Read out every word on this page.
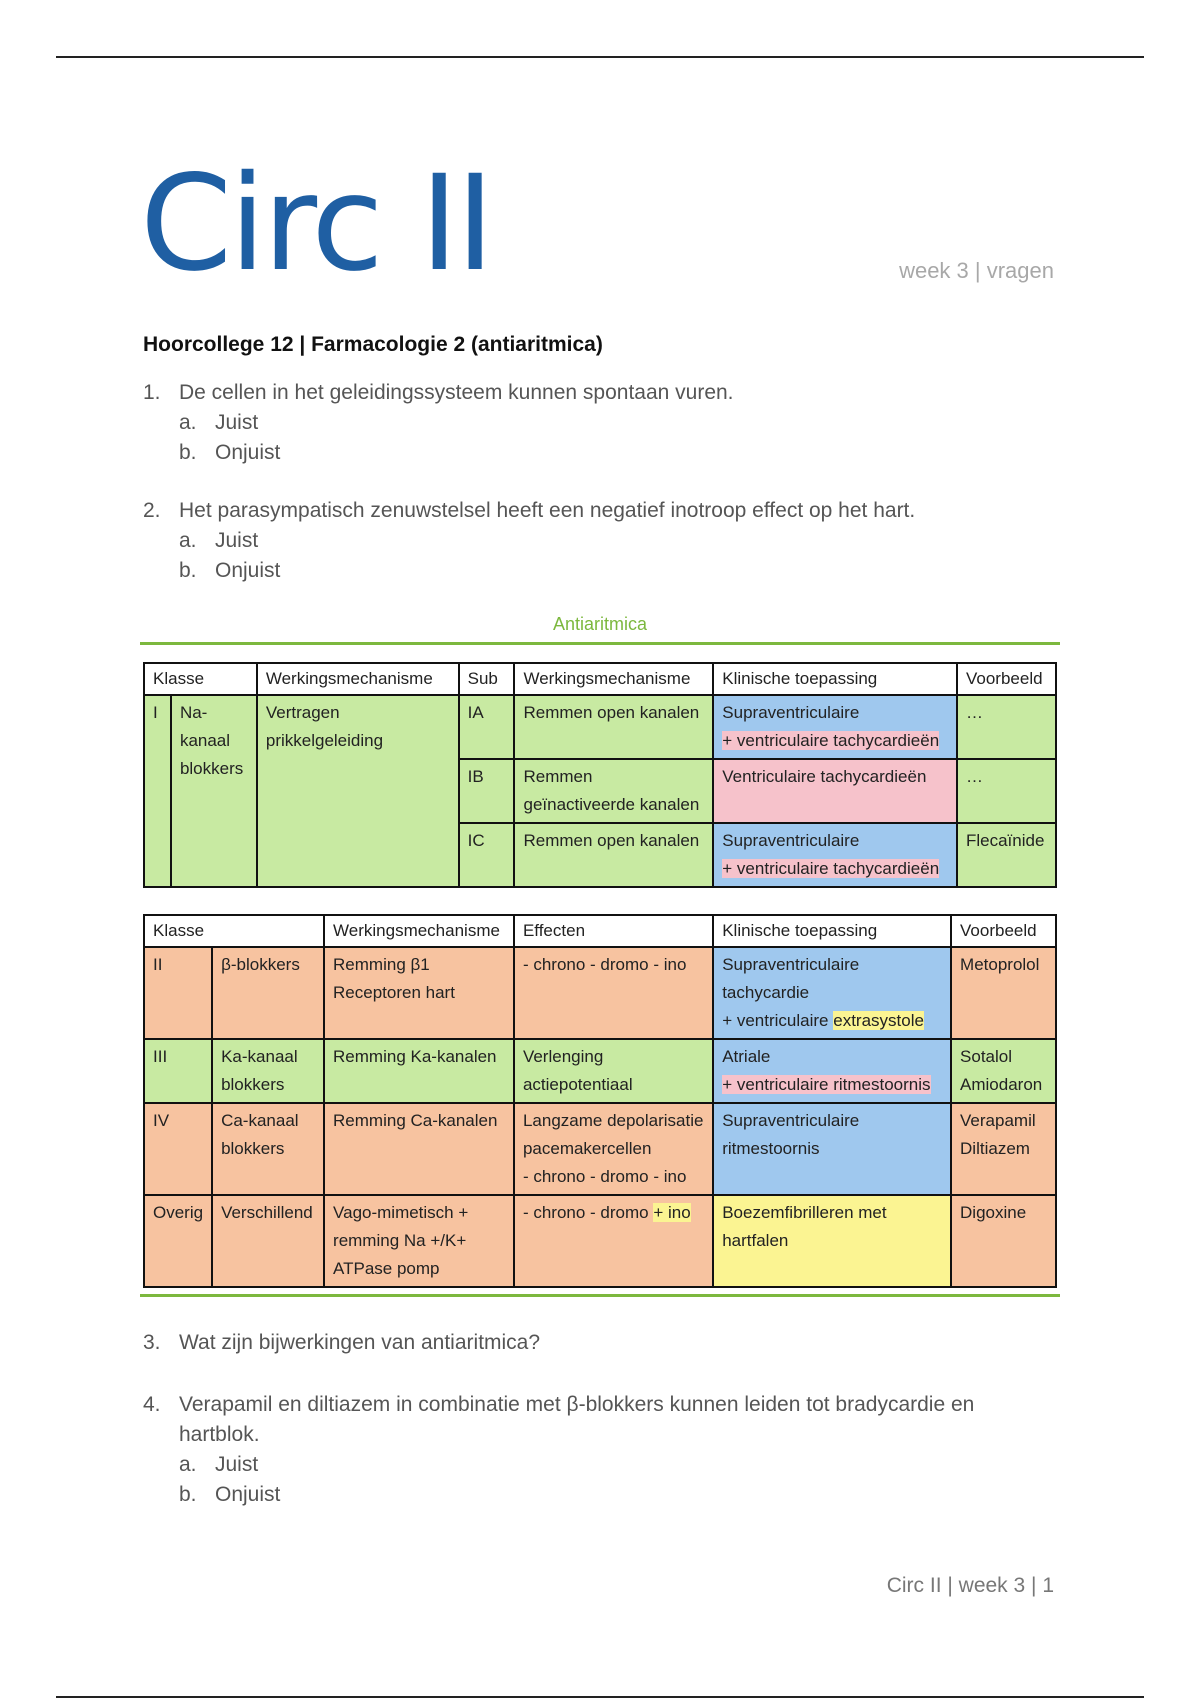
Circ II	week 3 | vragen
Hoorcollege 12 | Farmacologie 2 (antiaritmica)
1. De cellen in het geleidingssysteem kunnen spontaan vuren.
a. Juist
b. Onjuist
2. Het parasympatisch zenuwstelsel heeft een negatief inotroop effect op het hart.
a. Juist
b. Onjuist
Antiaritmica
Klasse		Werkingsmechanisme	Sub	Werkingsmechanisme	Klinische toepassing	Voorbeeld
I	Na-kanaal blokkers	Vertragen prikkelgeleiding	IA	Remmen open kanalen	Supraventriculaire
+ ventriculaire tachycardieën	…
			IB	Remmen geïnactiveerde kanalen	Ventriculaire tachycardieën	…
			IC	Remmen open kanalen	Supraventriculaire
+ ventriculaire tachycardieën	Flecaïnide
Klasse		Werkingsmechanisme	Effecten	Klinische toepassing	Voorbeeld
II	β-blokkers	Remming β1 Receptoren hart	- chrono - dromo - ino	Supraventriculaire tachycardie
+ ventriculaire extrasystole	Metoprolol
III	Ka-kanaal blokkers	Remming Ka-kanalen	Verlenging actiepotentiaal	Atriale
+ ventriculaire ritmestoornis	Sotalol Amiodaron
IV	Ca-kanaal blokkers	Remming Ca-kanalen	Langzame depolarisatie pacemakercellen
- chrono - dromo - ino	Supraventriculaire ritmestoornis	Verapamil Diltiazem
Overig	Verschillend	Vago-mimetisch + remming Na +/K+ ATPase pomp	- chrono - dromo + ino	Boezemfibrilleren met hartfalen	Digoxine
3. Wat zijn bijwerkingen van antiaritmica?
4. Verapamil en diltiazem in combinatie met β-blokkers kunnen leiden tot bradycardie en hartblok.
a. Juist
b. Onjuist
Circ II | week 3 | 1
